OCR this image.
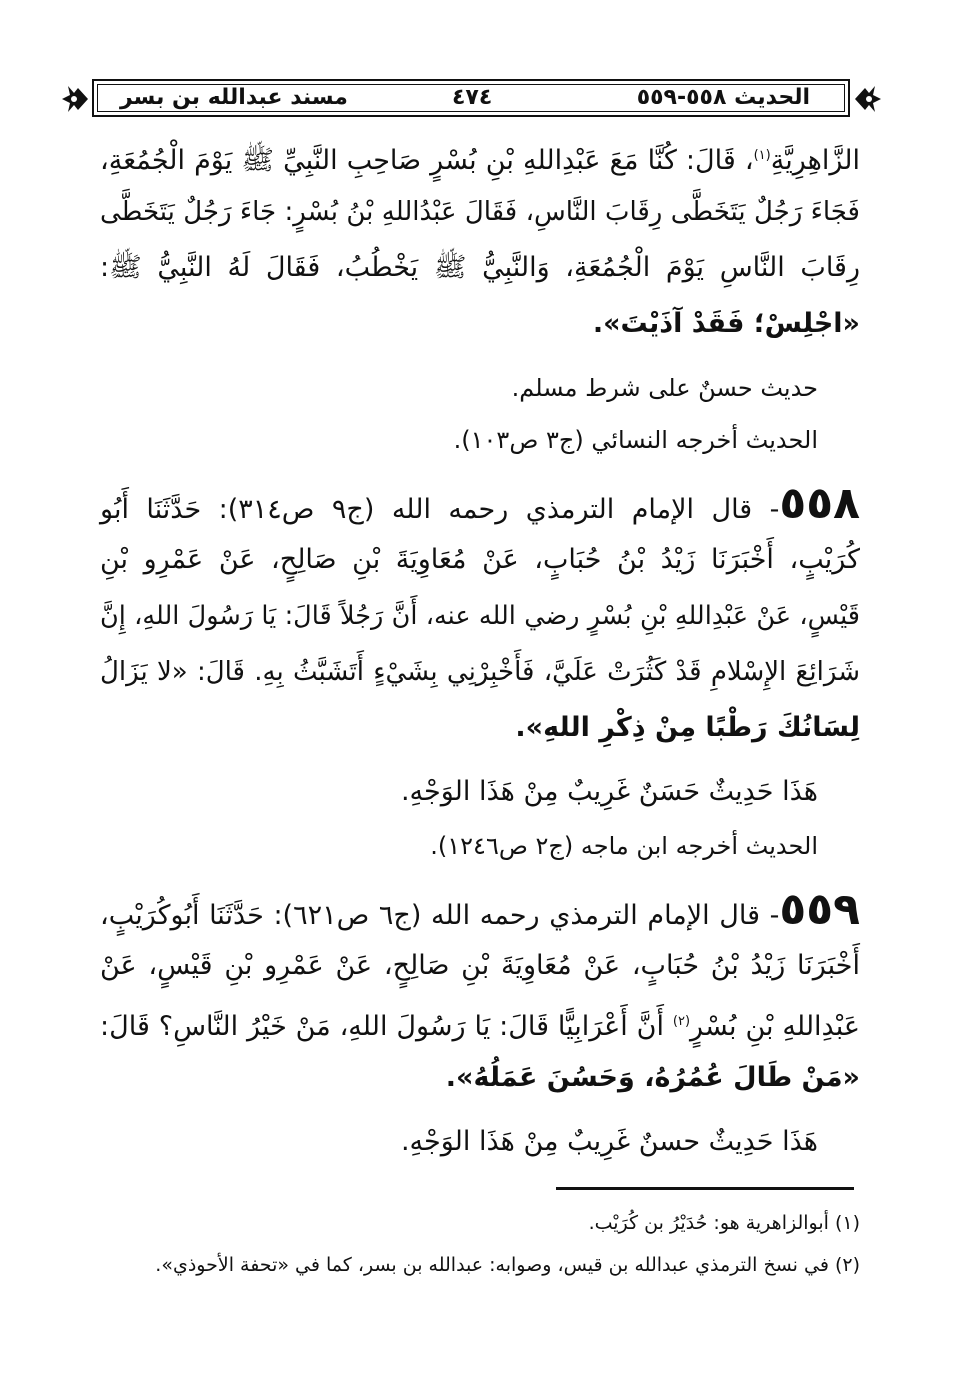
الحديث ٥٥٨-٥٥٩
٤٧٤
مسند عبدالله بن بسر
الزَّاهِرِيَّةِ$^{(١)}$، قَالَ: كُنَّا مَعَ عَبْدِاللهِ بْنِ بُسْرٍ صَاحِبِ النَّبِيِّ ﷺ يَوْمَ الْجُمُعَةِ،
فَجَاءَ رَجُلٌ يَتَخَطَّى رِقَابَ النَّاسِ، فَقَالَ عَبْدُاللهِ بْنُ بُسْرٍ: جَاءَ رَجُلٌ يَتَخَطَّى
رِقَابَ النَّاسِ يَوْمَ الْجُمُعَةِ، وَالنَّبِيُّ ﷺ يَخْطُبُ، فَقَالَ لَهُ النَّبِيُّ ﷺ:
«اجْلِسْ؛ فَقَدْ آذَيْتَ».
حديث حسنٌ على شرط مسلم.
الحديث أخرجه النسائي (ج٣ ص١٠٣).
٥٥٨- قال الإمام الترمذي رحمه الله (ج٩ ص٣١٤): حَدَّثَنَا أَبُو
كُرَيْبٍ، أَخْبَرَنَا زَيْدُ بْنُ حُبَابٍ، عَنْ مُعَاوِيَةَ بْنِ صَالِحٍ، عَنْ عَمْرِو بْنِ
قَيْسٍ، عَنْ عَبْدِاللهِ بْنِ بُسْرٍ رضي الله عنه، أَنَّ رَجُلاً قَالَ: يَا رَسُولَ اللهِ، إِنَّ
شَرَائِعَ الإِسْلامِ قَدْ كَثُرَتْ عَلَيَّ، فَأَخْبِرْنِي بِشَيْءٍ أَتَشَبَّثُ بِهِ. قَالَ: «لا يَزَالُ
لِسَانُكَ رَطْبًا مِنْ ذِكْرِ اللهِ».
هَذَا حَدِيثٌ حَسَنٌ غَرِيبٌ مِنْ هَذَا الوَجْهِ.
الحديث أخرجه ابن ماجه (ج٢ ص١٢٤٦).
٥٥٩- قال الإمام الترمذي رحمه الله (ج٦ ص٦٢١): حَدَّثَنَا أَبُوكُرَيْبٍ،
أَخْبَرَنَا زَيْدُ بْنُ حُبَابٍ، عَنْ مُعَاوِيَةَ بْنِ صَالِحٍ، عَنْ عَمْرِو بْنِ قَيْسٍ، عَنْ
عَبْدِاللهِ بْنِ بُسْرٍ$^{(٢)}$ أَنَّ أَعْرَابِيًّا قَالَ: يَا رَسُولَ اللهِ، مَنْ خَيْرُ النَّاسِ؟ قَالَ:
«مَنْ طَالَ عُمُرُهُ، وَحَسُنَ عَمَلُهُ».
هَذَا حَدِيثٌ حسنٌ غَرِيبٌ مِنْ هَذَا الوَجْهِ.
(١) أبوالزاهرية هو: حُدَيْرُ بن كُرَيْب.
(٢) في نسخ الترمذي عبدالله بن قيس، وصوابه: عبدالله بن بسر، كما في «تحفة الأحوذي».
